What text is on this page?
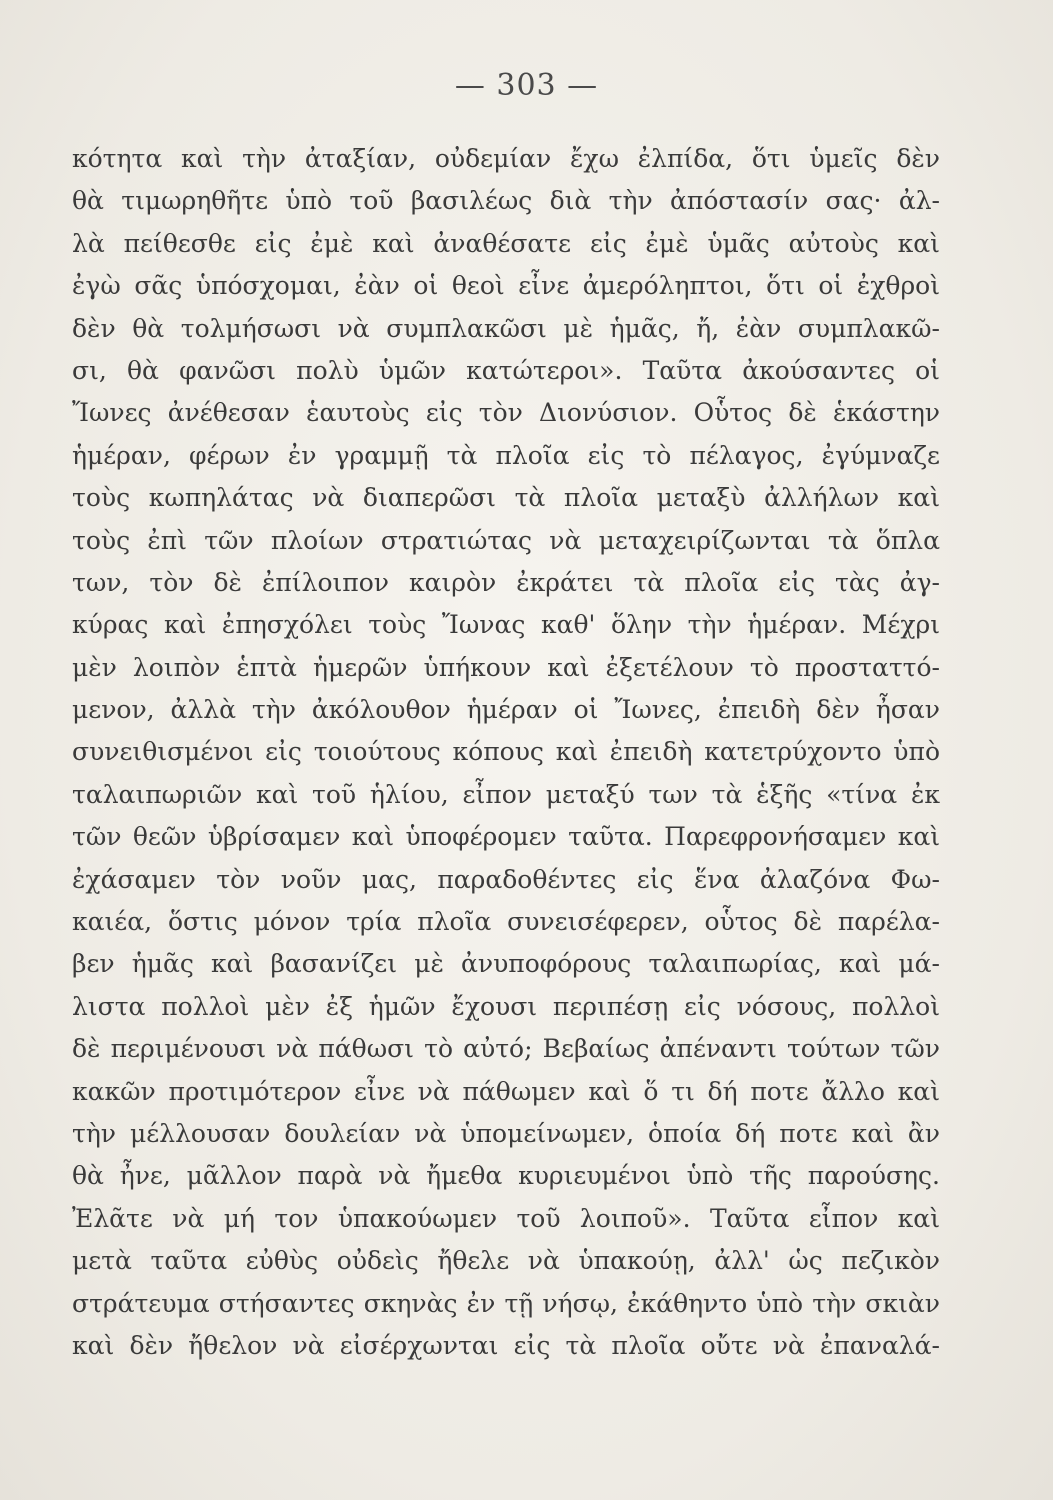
— 303 —
κότητα καὶ τὴν ἀταξίαν, οὐδεμίαν ἔχω ἐλπίδα, ὅτι ὑμεῖς δὲν
θὰ τιμωρηθῆτε ὑπὸ τοῦ βασιλέως διὰ τὴν ἀπόστασίν σας· ἀλ-
λὰ πείθεσθε εἰς ἐμὲ καὶ ἀναθέσατε εἰς ἐμὲ ὑμᾶς αὐτοὺς καὶ
ἐγὼ σᾶς ὑπόσχομαι, ἐὰν οἱ θεοὶ εἶνε ἀμερόληπτοι, ὅτι οἱ ἐχθροὶ
δὲν θὰ τολμήσωσι νὰ συμπλακῶσι μὲ ἡμᾶς, ἤ, ἐὰν συμπλακῶ-
σι, θὰ φανῶσι πολὺ ὑμῶν κατώτεροι». Ταῦτα ἀκούσαντες οἱ
Ἴωνες ἀνέθεσαν ἑαυτοὺς εἰς τὸν Διονύσιον. Οὗτος δὲ ἑκάστην
ἡμέραν, φέρων ἐν γραμμῇ τὰ πλοῖα εἰς τὸ πέλαγος, ἐγύμναζε
τοὺς κωπηλάτας νὰ διαπερῶσι τὰ πλοῖα μεταξὺ ἀλλήλων καὶ
τοὺς ἐπὶ τῶν πλοίων στρατιώτας νὰ μεταχειρίζωνται τὰ ὅπλα
των, τὸν δὲ ἐπίλοιπον καιρὸν ἐκράτει τὰ πλοῖα εἰς τὰς ἀγ-
κύρας καὶ ἐπησχόλει τοὺς Ἴωνας καθ' ὅλην τὴν ἡμέραν. Μέχρι
μὲν λοιπὸν ἑπτὰ ἡμερῶν ὑπήκουν καὶ ἐξετέλουν τὸ προσταττό-
μενον, ἀλλὰ τὴν ἀκόλουθον ἡμέραν οἱ Ἴωνες, ἐπειδὴ δὲν ἦσαν
συνειθισμένοι εἰς τοιούτους κόπους καὶ ἐπειδὴ κατετρύχοντο ὑπὸ
ταλαιπωριῶν καὶ τοῦ ἡλίου, εἶπον μεταξύ των τὰ ἑξῆς «τίνα ἐκ
τῶν θεῶν ὑβρίσαμεν καὶ ὑποφέρομεν ταῦτα. Παρεφρονήσαμεν καὶ
ἐχάσαμεν τὸν νοῦν μας, παραδοθέντες εἰς ἕνα ἀλαζόνα Φω-
καιέα, ὅστις μόνον τρία πλοῖα συνεισέφερεν, οὗτος δὲ παρέλα-
βεν ἡμᾶς καὶ βασανίζει μὲ ἀνυποφόρους ταλαιπωρίας, καὶ μά-
λιστα πολλοὶ μὲν ἐξ ἡμῶν ἔχουσι περιπέσῃ εἰς νόσους, πολλοὶ
δὲ περιμένουσι νὰ πάθωσι τὸ αὐτό; Βεβαίως ἀπέναντι τούτων τῶν
κακῶν προτιμότερον εἶνε νὰ πάθωμεν καὶ ὅ τι δή ποτε ἄλλο καὶ
τὴν μέλλουσαν δουλείαν νὰ ὑπομείνωμεν, ὁποία δή ποτε καὶ ἂν
θὰ ἦνε, μᾶλλον παρὰ νὰ ἤμεθα κυριευμένοι ὑπὸ τῆς παρούσης.
Ἐλᾶτε νὰ μή τον ὑπακούωμεν τοῦ λοιποῦ». Ταῦτα εἶπον καὶ
μετὰ ταῦτα εὐθὺς οὐδεὶς ἤθελε νὰ ὑπακούῃ, ἀλλ' ὡς πεζικὸν
στράτευμα στήσαντες σκηνὰς ἐν τῇ νήσῳ, ἐκάθηντο ὑπὸ τὴν σκιὰν
καὶ δὲν ἤθελον νὰ εἰσέρχωνται εἰς τὰ πλοῖα οὔτε νὰ ἐπαναλά-
